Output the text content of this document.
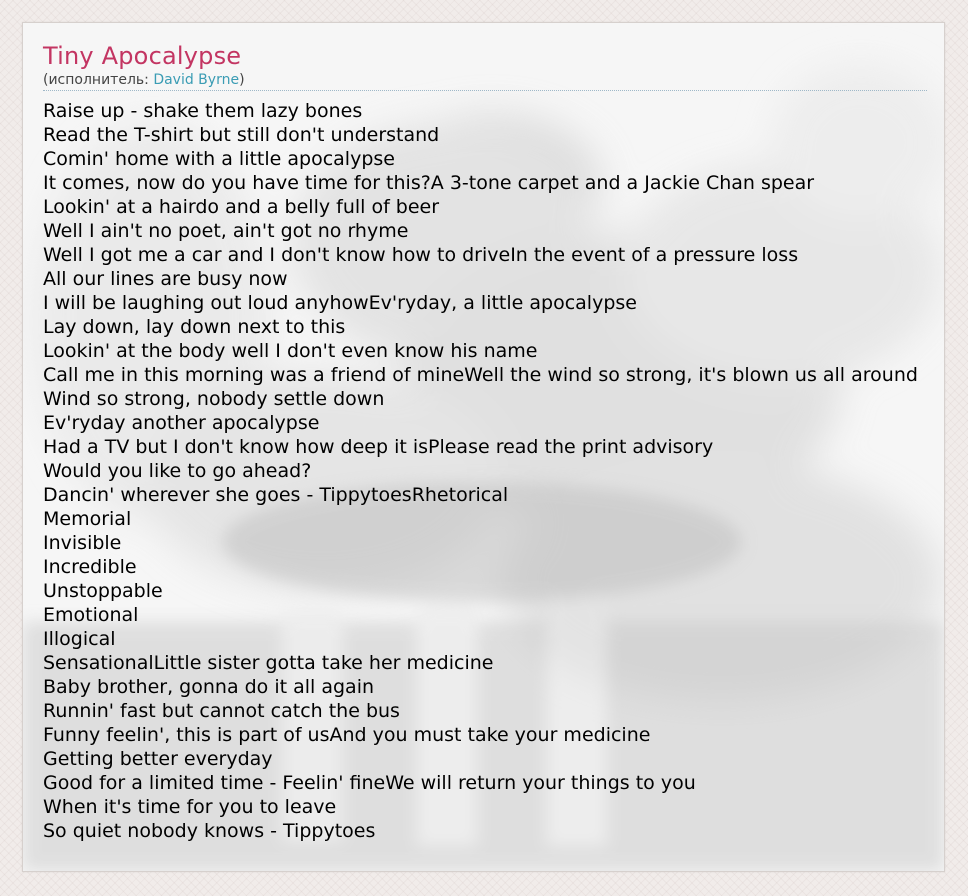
Tiny Apocalypse
(исполнитель: David Byrne)
Raise up - shake them lazy bones
Read the T-shirt but still don't understand
Comin' home with a little apocalypse
It comes, now do you have time for this?A 3-tone carpet and a Jackie Chan spear
Lookin' at a hairdo and a belly full of beer
Well I ain't no poet, ain't got no rhyme
Well I got me a car and I don't know how to driveIn the event of a pressure loss
All our lines are busy now
I will be laughing out loud anyhowEv'ryday, a little apocalypse
Lay down, lay down next to this
Lookin' at the body well I don't even know his name
Call me in this morning was a friend of mineWell the wind so strong, it's blown us all around
Wind so strong, nobody settle down
Ev'ryday another apocalypse
Had a TV but I don't know how deep it isPlease read the print advisory
Would you like to go ahead?
Dancin' wherever she goes - TippytoesRhetorical
Memorial
Invisible
Incredible
Unstoppable
Emotional
Illogical
SensationalLittle sister gotta take her medicine
Baby brother, gonna do it all again
Runnin' fast but cannot catch the bus
Funny feelin', this is part of usAnd you must take your medicine
Getting better everyday
Good for a limited time - Feelin' fineWe will return your things to you
When it's time for you to leave
So quiet nobody knows - Tippytoes
